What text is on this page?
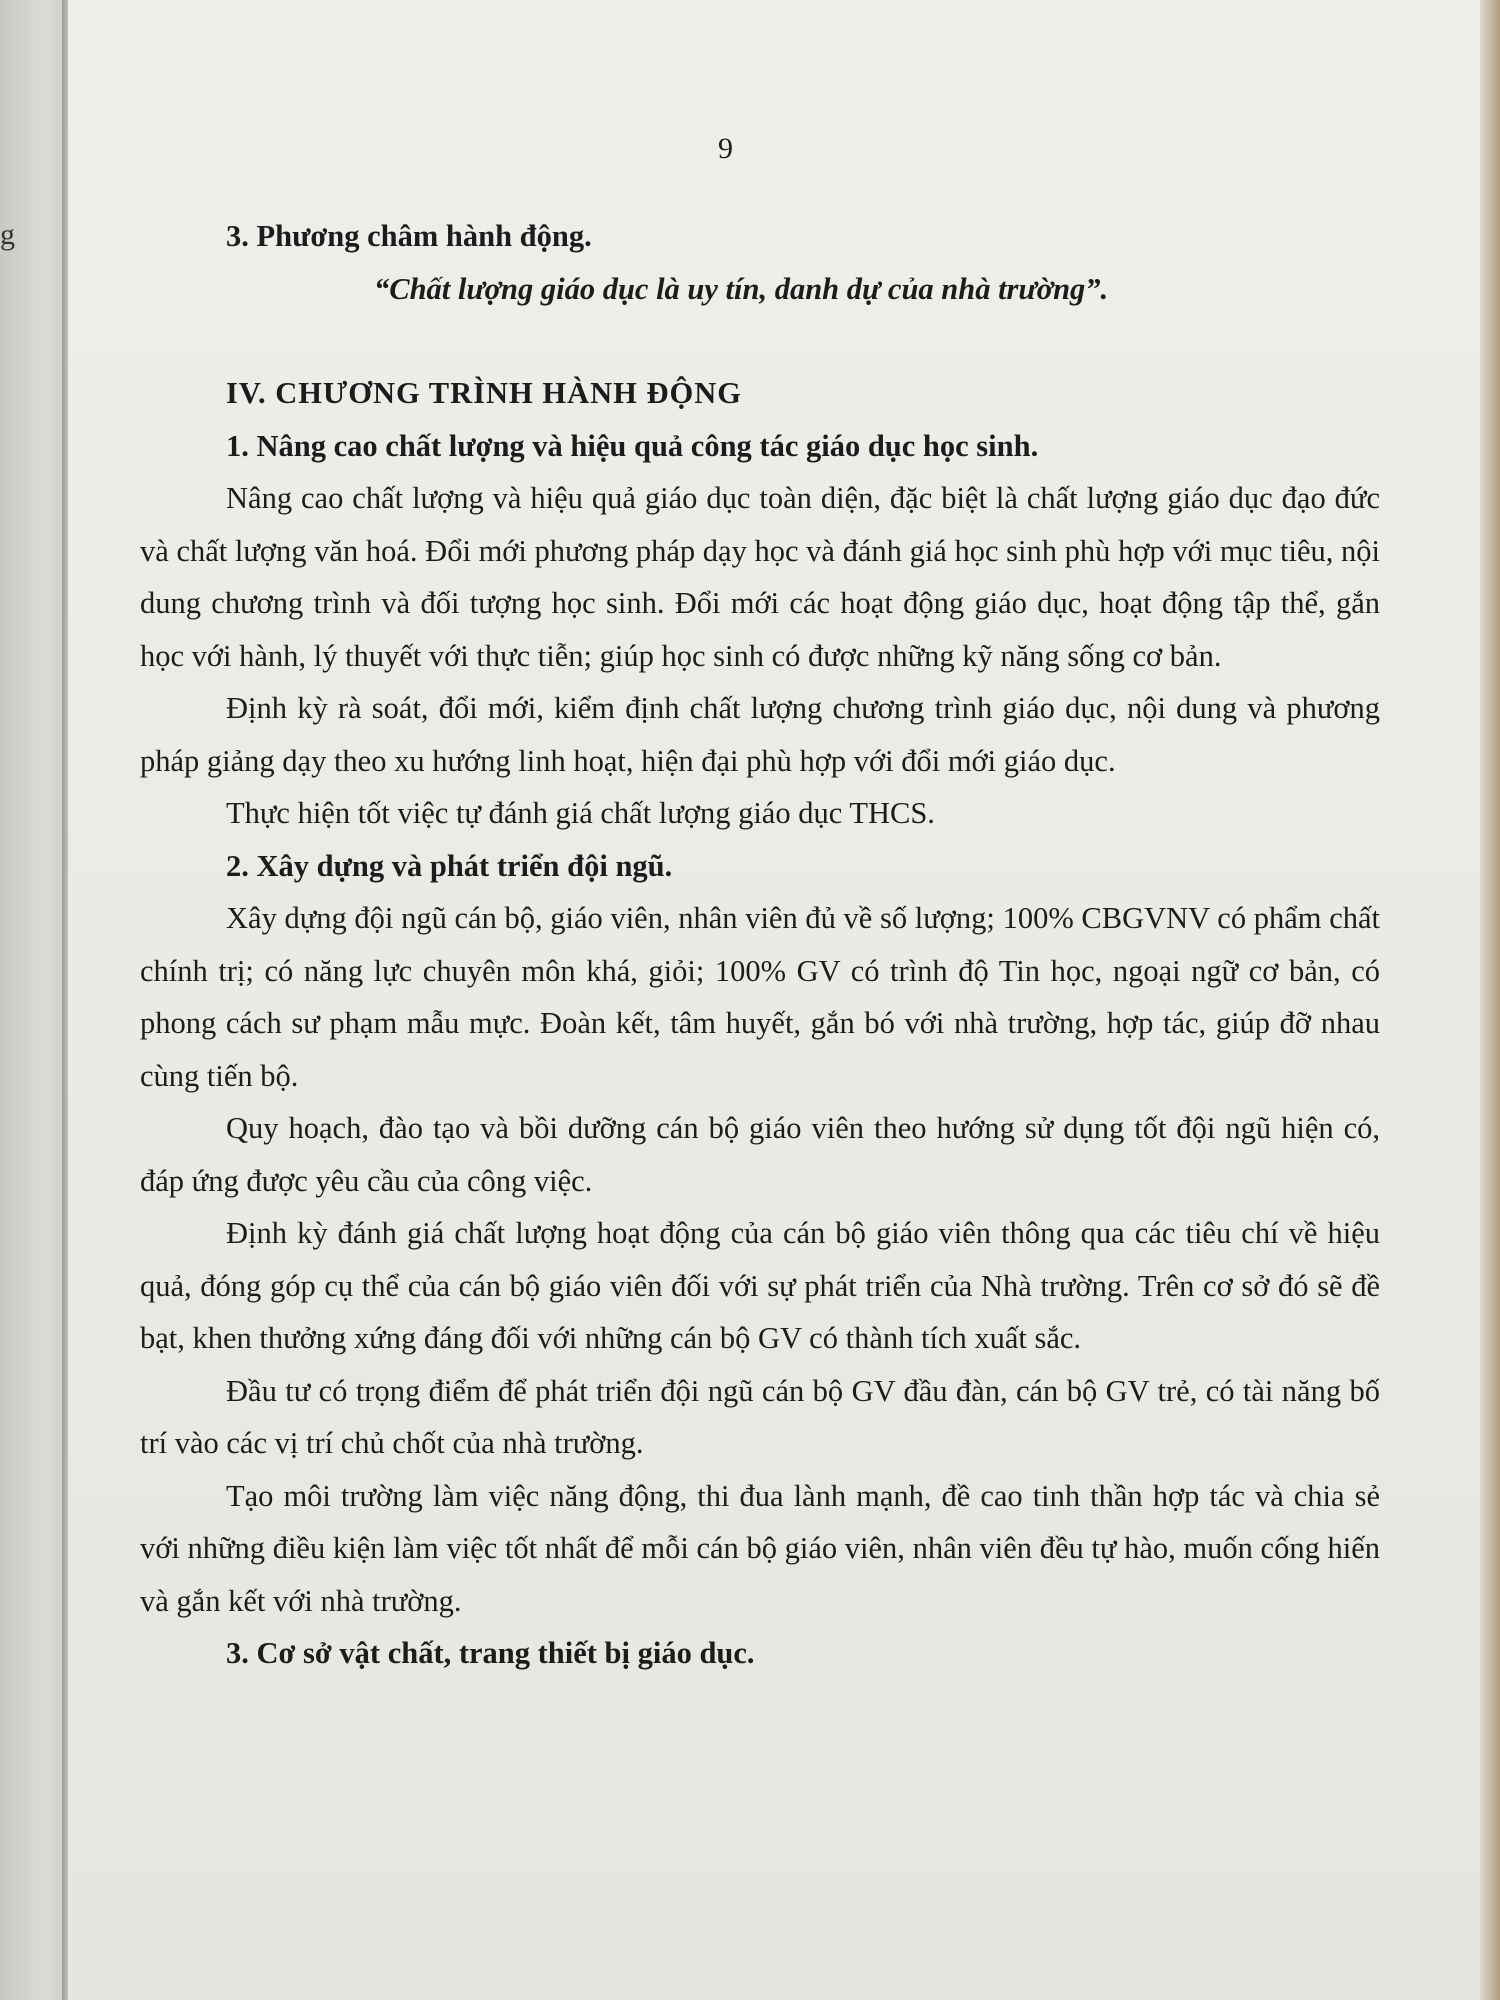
g
9
3. Phương châm hành động.

“Chất lượng giáo dục là uy tín, danh dự của nhà trường”.

IV. CHƯƠNG TRÌNH HÀNH ĐỘNG
1. Nâng cao chất lượng và hiệu quả công tác giáo dục học sinh.

Nâng cao chất lượng và hiệu quả giáo dục toàn diện, đặc biệt là chất lượng giáo dục đạo đức và chất lượng văn hoá. Đổi mới phương pháp dạy học và đánh giá học sinh phù hợp với mục tiêu, nội dung chương trình và đối tượng học sinh. Đổi mới các hoạt động giáo dục, hoạt động tập thể, gắn học với hành, lý thuyết với thực tiễn; giúp học sinh có được những kỹ năng sống cơ bản.

Định kỳ rà soát, đổi mới, kiểm định chất lượng chương trình giáo dục, nội dung và phương pháp giảng dạy theo xu hướng linh hoạt, hiện đại phù hợp với đổi mới giáo dục.

Thực hiện tốt việc tự đánh giá chất lượng giáo dục THCS.

2. Xây dựng và phát triển đội ngũ.

Xây dựng đội ngũ cán bộ, giáo viên, nhân viên đủ về số lượng; 100% CBGVNV có phẩm chất chính trị; có năng lực chuyên môn khá, giỏi; 100% GV có trình độ Tin học, ngoại ngữ cơ bản, có phong cách sư phạm mẫu mực. Đoàn kết, tâm huyết, gắn bó với nhà trường, hợp tác, giúp đỡ nhau cùng tiến bộ.

Quy hoạch, đào tạo và bồi dưỡng cán bộ giáo viên theo hướng sử dụng tốt đội ngũ hiện có, đáp ứng được yêu cầu của công việc.

Định kỳ đánh giá chất lượng hoạt động của cán bộ giáo viên thông qua các tiêu chí về hiệu quả, đóng góp cụ thể của cán bộ giáo viên đối với sự phát triển của Nhà trường. Trên cơ sở đó sẽ đề bạt, khen thưởng xứng đáng đối với những cán bộ GV có thành tích xuất sắc.

Đầu tư có trọng điểm để phát triển đội ngũ cán bộ GV đầu đàn, cán bộ GV trẻ, có tài năng bố trí vào các vị trí chủ chốt của nhà trường.

Tạo môi trường làm việc năng động, thi đua lành mạnh, đề cao tinh thần hợp tác và chia sẻ với những điều kiện làm việc tốt nhất để mỗi cán bộ giáo viên, nhân viên đều tự hào, muốn cống hiến và gắn kết với nhà trường.

3. Cơ sở vật chất, trang thiết bị giáo dục.
